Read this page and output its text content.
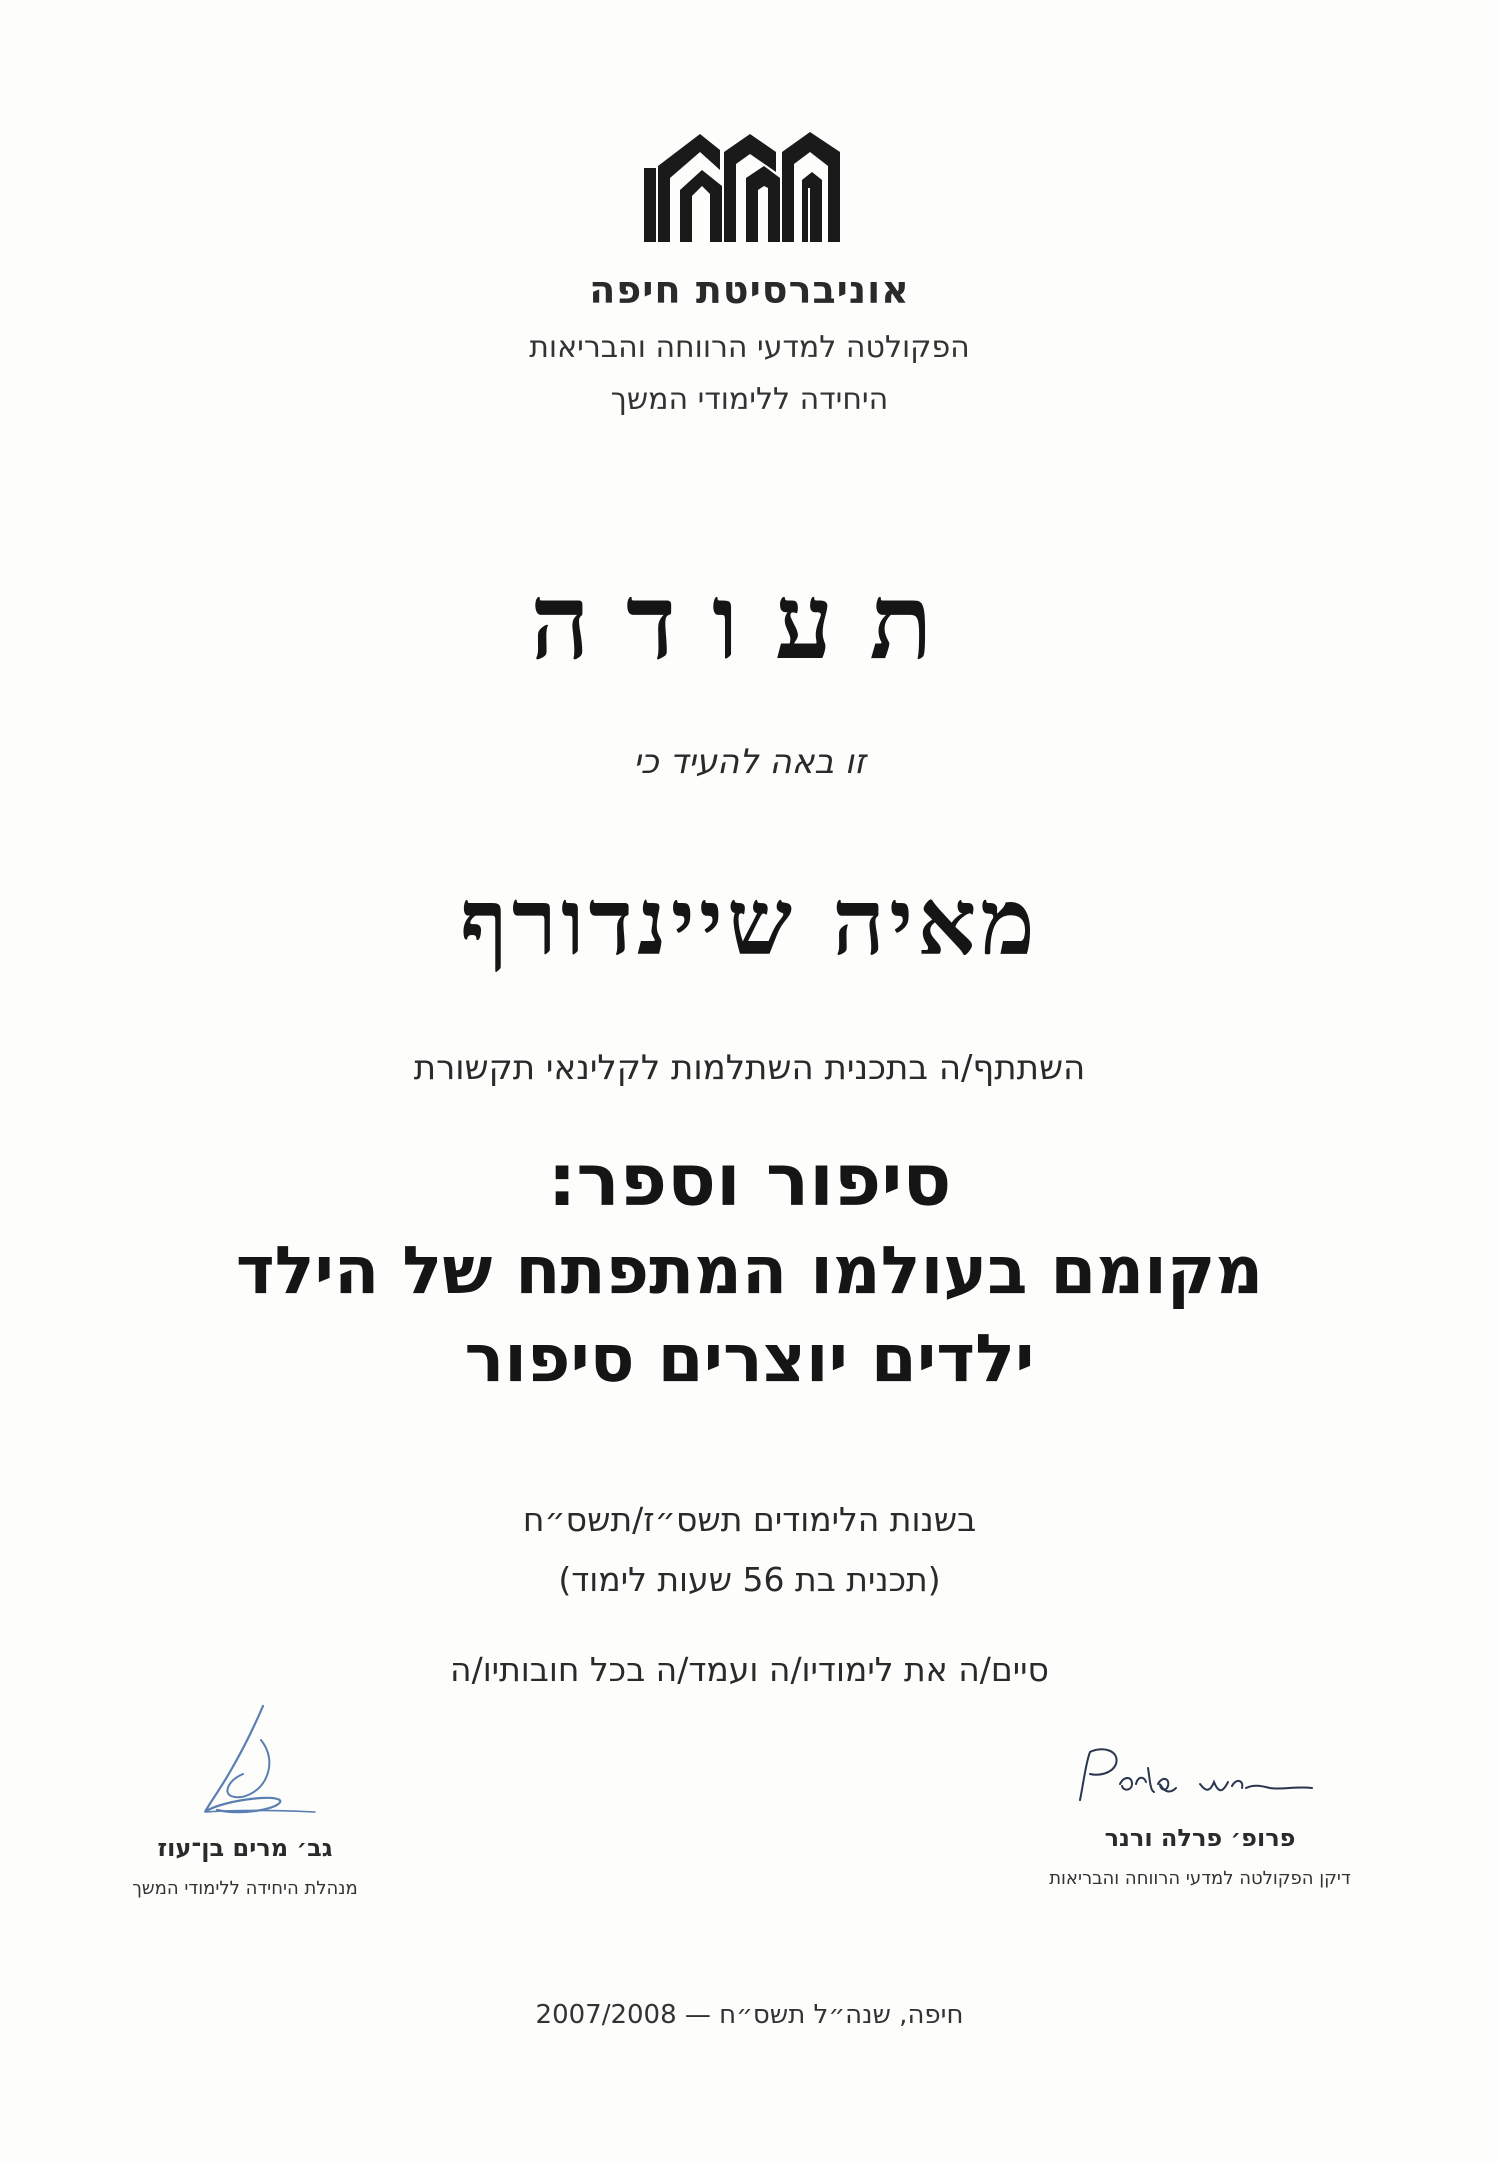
אוניברסיטת חיפה
הפקולטה למדעי הרווחה והבריאות
היחידה ללימודי המשך
תעודה
זו באה להעיד כי
מאיה שיינדורף
השתתף/ה בתכנית השתלמות לקלינאי תקשורת
סיפור וספר:
מקומם בעולמו המתפתח של הילד
ילדים יוצרים סיפור
בשנות הלימודים תשס״ז/תשס״ח
(תכנית בת 56 שעות לימוד)
סיים/ה את לימודיו/ה ועמד/ה בכל חובותיו/ה
גב׳ מרים בן־עוז
מנהלת היחידה ללימודי המשך
פרופ׳ פרלה ורנר
דיקן הפקולטה למדעי הרווחה והבריאות
חיפה, שנה״ל תשס״ח — 2007/2008
